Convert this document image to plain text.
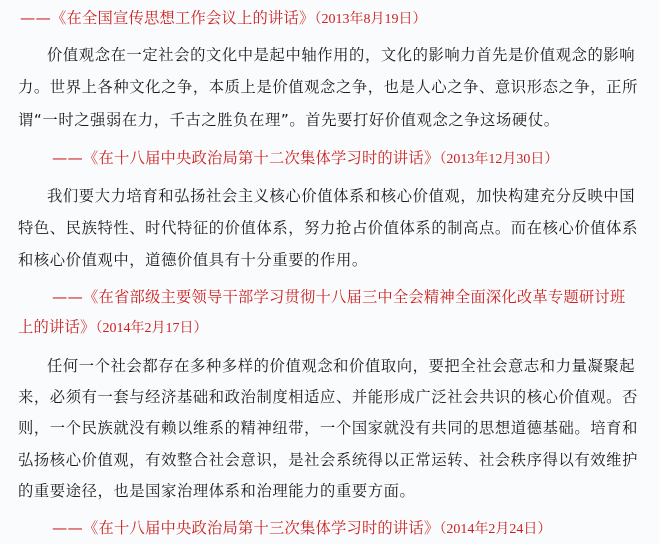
——《在全国宣传思想工作会议上的讲话》（2013年8月19日）
价值观念在一定社会的文化中是起中轴作用的，文化的影响力首先是价值观念的影响
力。世界上各种文化之争，本质上是价值观念之争，也是人心之争、意识形态之争，正所
谓“一时之强弱在力，千古之胜负在理”。首先要打好价值观念之争这场硬仗。
——《在十八届中央政治局第十二次集体学习时的讲话》（2013年12月30日）
我们要大力培育和弘扬社会主义核心价值体系和核心价值观，加快构建充分反映中国
特色、民族特性、时代特征的价值体系，努力抢占价值体系的制高点。而在核心价值体系
和核心价值观中，道德价值具有十分重要的作用。
——《在省部级主要领导干部学习贯彻十八届三中全会精神全面深化改革专题研讨班
上的讲话》（2014年2月17日）
任何一个社会都存在多种多样的价值观念和价值取向，要把全社会意志和力量凝聚起
来，必须有一套与经济基础和政治制度相适应、并能形成广泛社会共识的核心价值观。否
则，一个民族就没有赖以维系的精神纽带，一个国家就没有共同的思想道德基础。培育和
弘扬核心价值观，有效整合社会意识，是社会系统得以正常运转、社会秩序得以有效维护
的重要途径，也是国家治理体系和治理能力的重要方面。
——《在十八届中央政治局第十三次集体学习时的讲话》（2014年2月24日）
